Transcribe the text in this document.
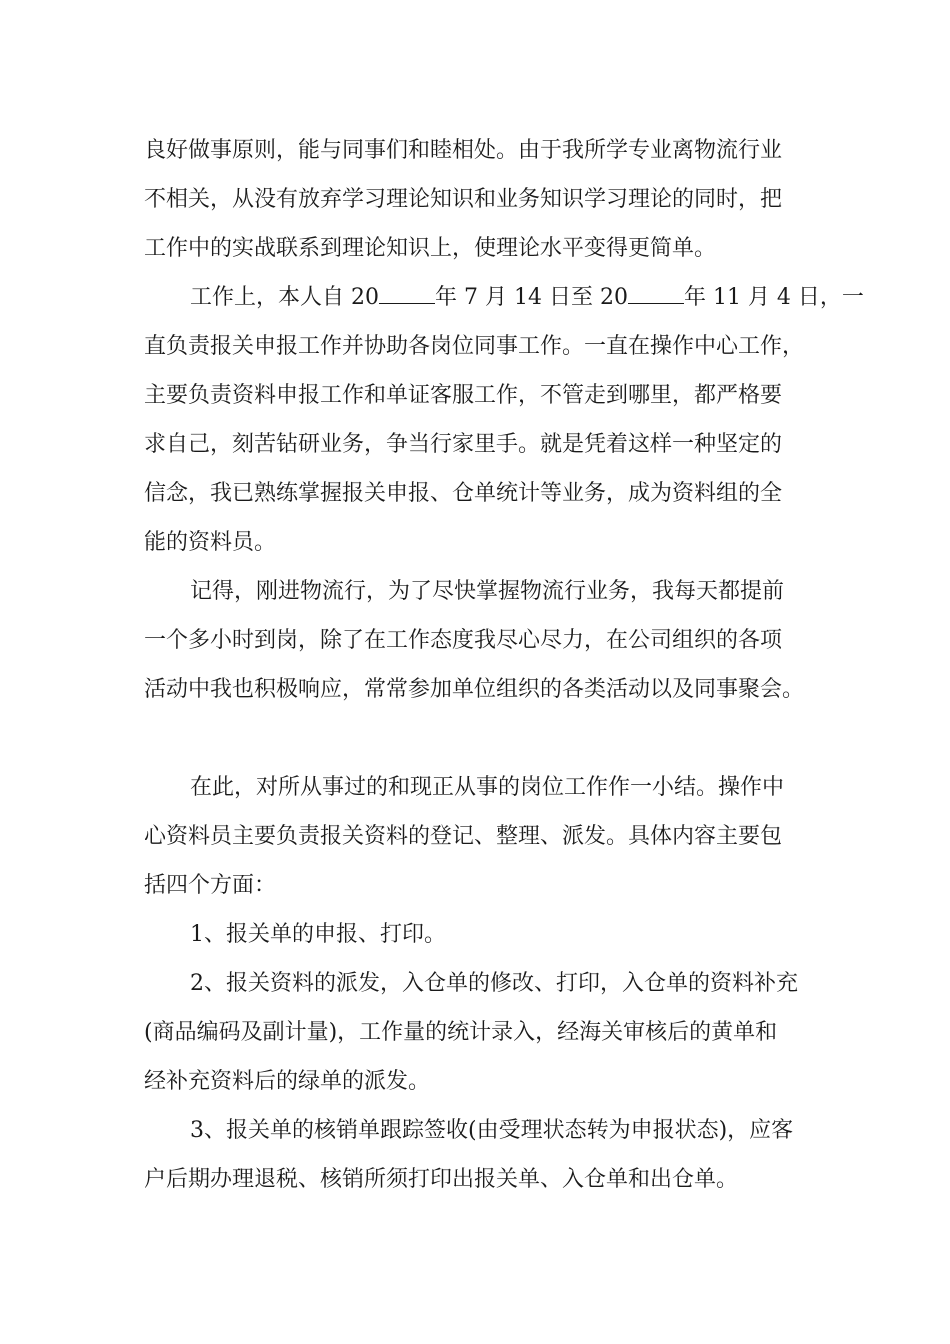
良好做事原则，能与同事们和睦相处。由于我所学专业离物流行业
不相关，从没有放弃学习理论知识和业务知识学习理论的同时，把
工作中的实战联系到理论知识上，使理论水平变得更简单。
工作上，本人自 20	年 7 月 14 日至 20	年 11 月 4 日，一
直负责报关申报工作并协助各岗位同事工作。一直在操作中心工作，
主要负责资料申报工作和单证客服工作，不管走到哪里，都严格要
求自己，刻苦钻研业务，争当行家里手。就是凭着这样一种坚定的
信念，我已熟练掌握报关申报、仓单统计等业务，成为资料组的全
能的资料员。
记得，刚进物流行，为了尽快掌握物流行业务，我每天都提前
一个多小时到岗，除了在工作态度我尽心尽力，在公司组织的各项
活动中我也积极响应，常常参加单位组织的各类活动以及同事聚会。
在此，对所从事过的和现正从事的岗位工作作一小结。操作中
心资料员主要负责报关资料的登记、整理、派发。具体内容主要包
括四个方面：
1、报关单的申报、打印。
2、报关资料的派发，入仓单的修改、打印，入仓单的资料补充
(商品编码及副计量)，工作量的统计录入，经海关审核后的黄单和
经补充资料后的绿单的派发。
3、报关单的核销单跟踪签收(由受理状态转为申报状态)，应客
户后期办理退税、核销所须打印出报关单、入仓单和出仓单。
